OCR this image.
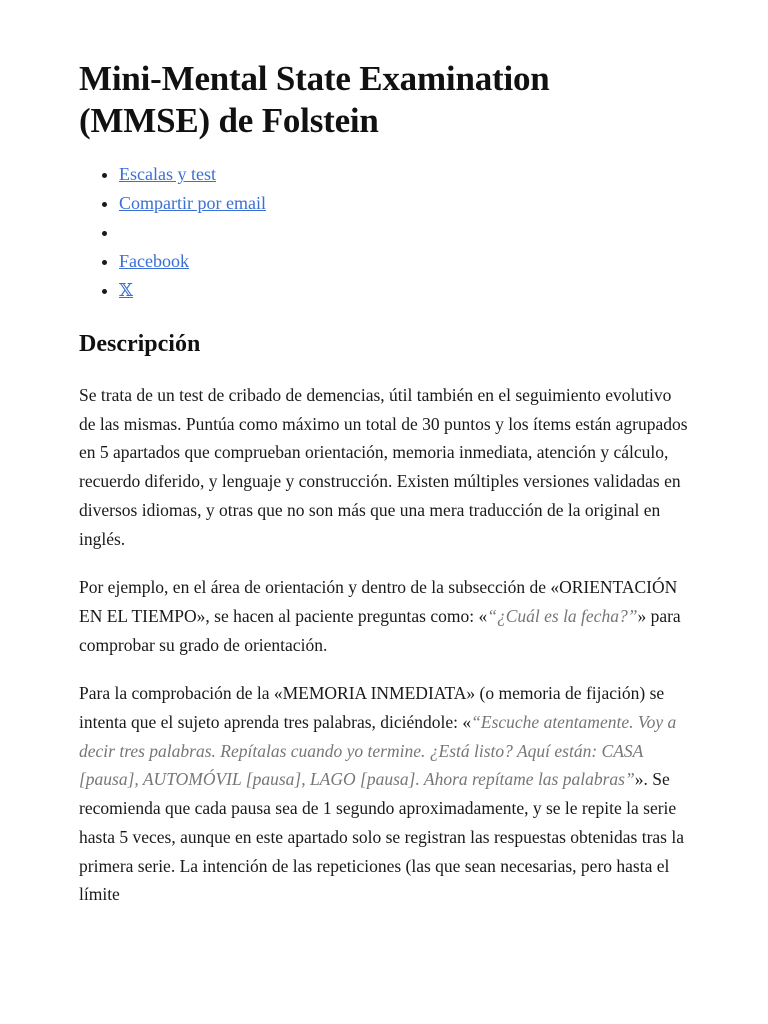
Mini-Mental State Examination
(MMSE) de Folstein
• Escalas y test
• Compartir por email
•
• Facebook
• 𝕏
Descripción

Se trata de un test de cribado de demencias, útil también en el seguimiento evolutivo de las mismas. Puntúa como máximo un total de 30 puntos y los ítems están agrupados en 5 apartados que comprueban orientación, memoria inmediata, atención y cálculo, recuerdo diferido, y lenguaje y construcción. Existen múltiples versiones validadas en diversos idiomas, y otras que no son más que una mera traducción de la original en inglés.

Por ejemplo, en el área de orientación y dentro de la subsección de «ORIENTACIÓN EN EL TIEMPO», se hacen al paciente preguntas como: «“¿Cuál es la fecha?”» para comprobar su grado de orientación.

Para la comprobación de la «MEMORIA INMEDIATA» (o memoria de fijación) se intenta que el sujeto aprenda tres palabras, diciéndole: «“Escuche atentamente. Voy a decir tres palabras. Repítalas cuando yo termine. ¿Está listo? Aquí están: CASA [pausa], AUTOMÓVIL [pausa], LAGO [pausa]. Ahora repítame las palabras”». Se recomienda que cada pausa sea de 1 segundo aproximadamente, y se le repite la serie hasta 5 veces, aunque en este apartado solo se registran las respuestas obtenidas tras la primera serie. La intención de las repeticiones (las que sean necesarias, pero hasta el límite
